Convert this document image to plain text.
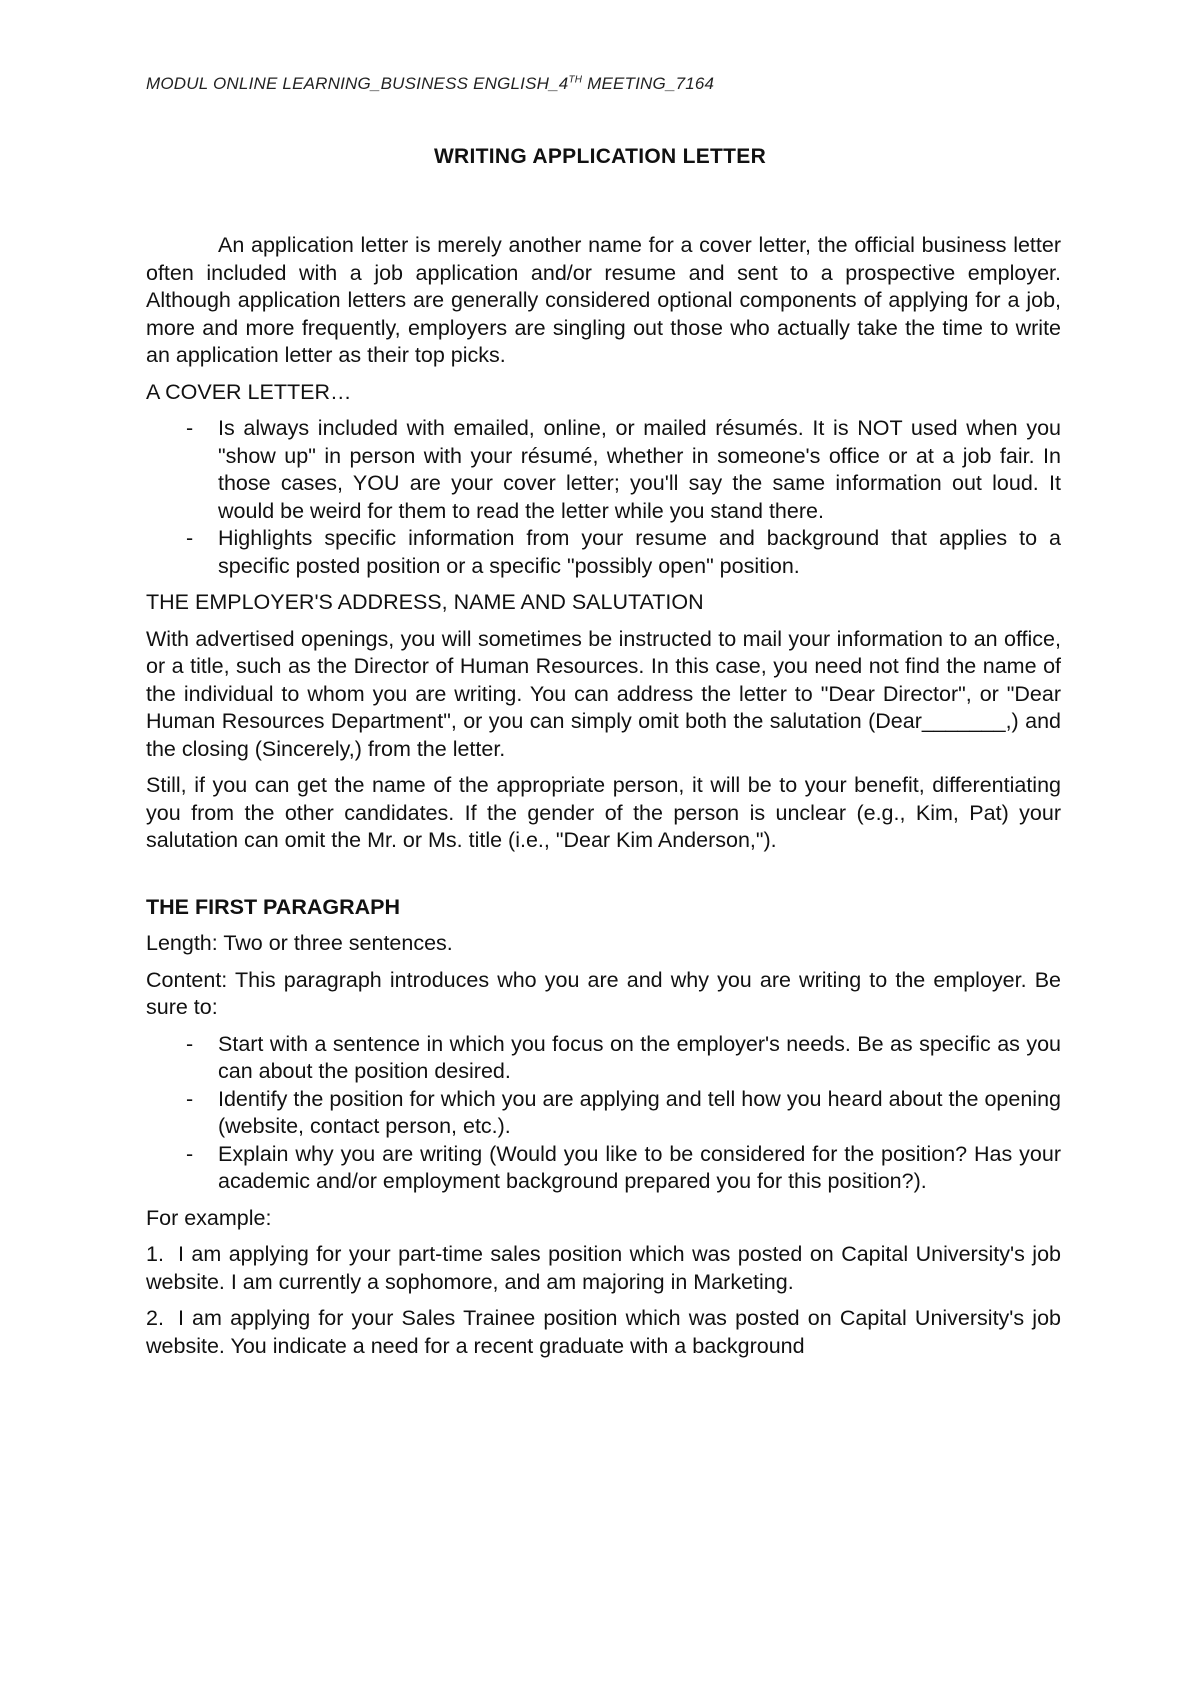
MODUL ONLINE LEARNING_BUSINESS ENGLISH_4TH MEETING_7164
WRITING APPLICATION LETTER

An application letter is merely another name for a cover letter, the official business letter often included with a job application and/or resume and sent to a prospective employer. Although application letters are generally considered optional components of applying for a job, more and more frequently, employers are singling out those who actually take the time to write an application letter as their top picks.

A COVER LETTER…
- Is always included with emailed, online, or mailed résumés. It is NOT used when you "show up" in person with your résumé, whether in someone's office or at a job fair. In those cases, YOU are your cover letter; you'll say the same information out loud. It would be weird for them to read the letter while you stand there.
- Highlights specific information from your resume and background that applies to a specific posted position or a specific "possibly open" position.
THE EMPLOYER'S ADDRESS, NAME AND SALUTATION

With advertised openings, you will sometimes be instructed to mail your information to an office, or a title, such as the Director of Human Resources. In this case, you need not find the name of the individual to whom you are writing. You can address the letter to "Dear Director", or "Dear Human Resources Department", or you can simply omit both the salutation (Dear_______,) and the closing (Sincerely,) from the letter.

Still, if you can get the name of the appropriate person, it will be to your benefit, differentiating you from the other candidates. If the gender of the person is unclear (e.g., Kim, Pat) your salutation can omit the Mr. or Ms. title (i.e., "Dear Kim Anderson,").

THE FIRST PARAGRAPH

Length: Two or three sentences.

Content: This paragraph introduces who you are and why you are writing to the employer. Be sure to:

- Start with a sentence in which you focus on the employer's needs. Be as specific as you can about the position desired.
- Identify the position for which you are applying and tell how you heard about the opening (website, contact person, etc.).
- Explain why you are writing (Would you like to be considered for the position? Has your academic and/or employment background prepared you for this position?).

For example:

1. I am applying for your part-time sales position which was posted on Capital University's job website. I am currently a sophomore, and am majoring in Marketing.

2. I am applying for your Sales Trainee position which was posted on Capital University's job website. You indicate a need for a recent graduate with a background
